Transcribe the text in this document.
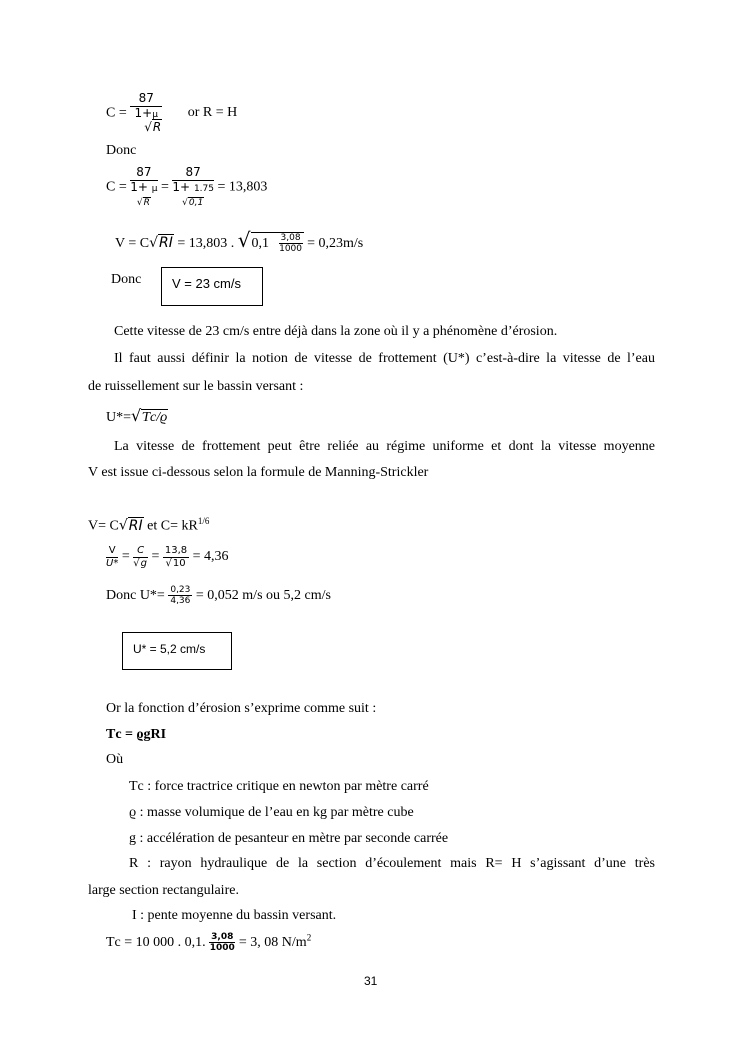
C =
87
1+μ
√R
or R = H
Donc
C =
87
1+ μ
√R
=
87
1+ 1.75
√0,1
= 13,803
V = C√RI = 13,803 . $√0,1 \frac{3,08}{1000} = 0,23m/s$
Donc V = 23 cm/s
Cette vitesse de 23 cm/s entre déjà dans la zone où il y a phénomène d’érosion.
Il faut aussi définir la notion de vitesse de frottement (U*) c’est-à-dire la vitesse de l’eau
de ruissellement sur le bassin versant :
U*=√Ƭc/ϱ
La vitesse de frottement peut être reliée au régime uniforme et dont la vitesse moyenne
V est issue ci-dessous selon la formule de Manning-Strickler
V= C√RI et $C= kR^{1/6}$
$\frac{V}{U*} = \frac{C}{√g} = \frac{13,8}{√10} = 4,36$
Donc $U*= \frac{0,23}{4,36} = 0,052$ m/s ou 5,2 cm/s
U* = 5,2 cm/s
Or la fonction d’érosion s’exprime comme suit :
Ƭc = ϱgRI
Où
Ƭc : force tractrice critique en newton par mètre carré
ϱ : masse volumique de l’eau en kg par mètre cube
g : accélération de pesanteur en mètre par seconde carrée
R : rayon hydraulique de la section d’écoulement mais R= H s’agissant d’une très
large section rectangulaire.
I : pente moyenne du bassin versant.
Ƭc = 10 000 . 0,1. $\frac{3,08}{1000} = 3$, 08 $N/m^2$
31
